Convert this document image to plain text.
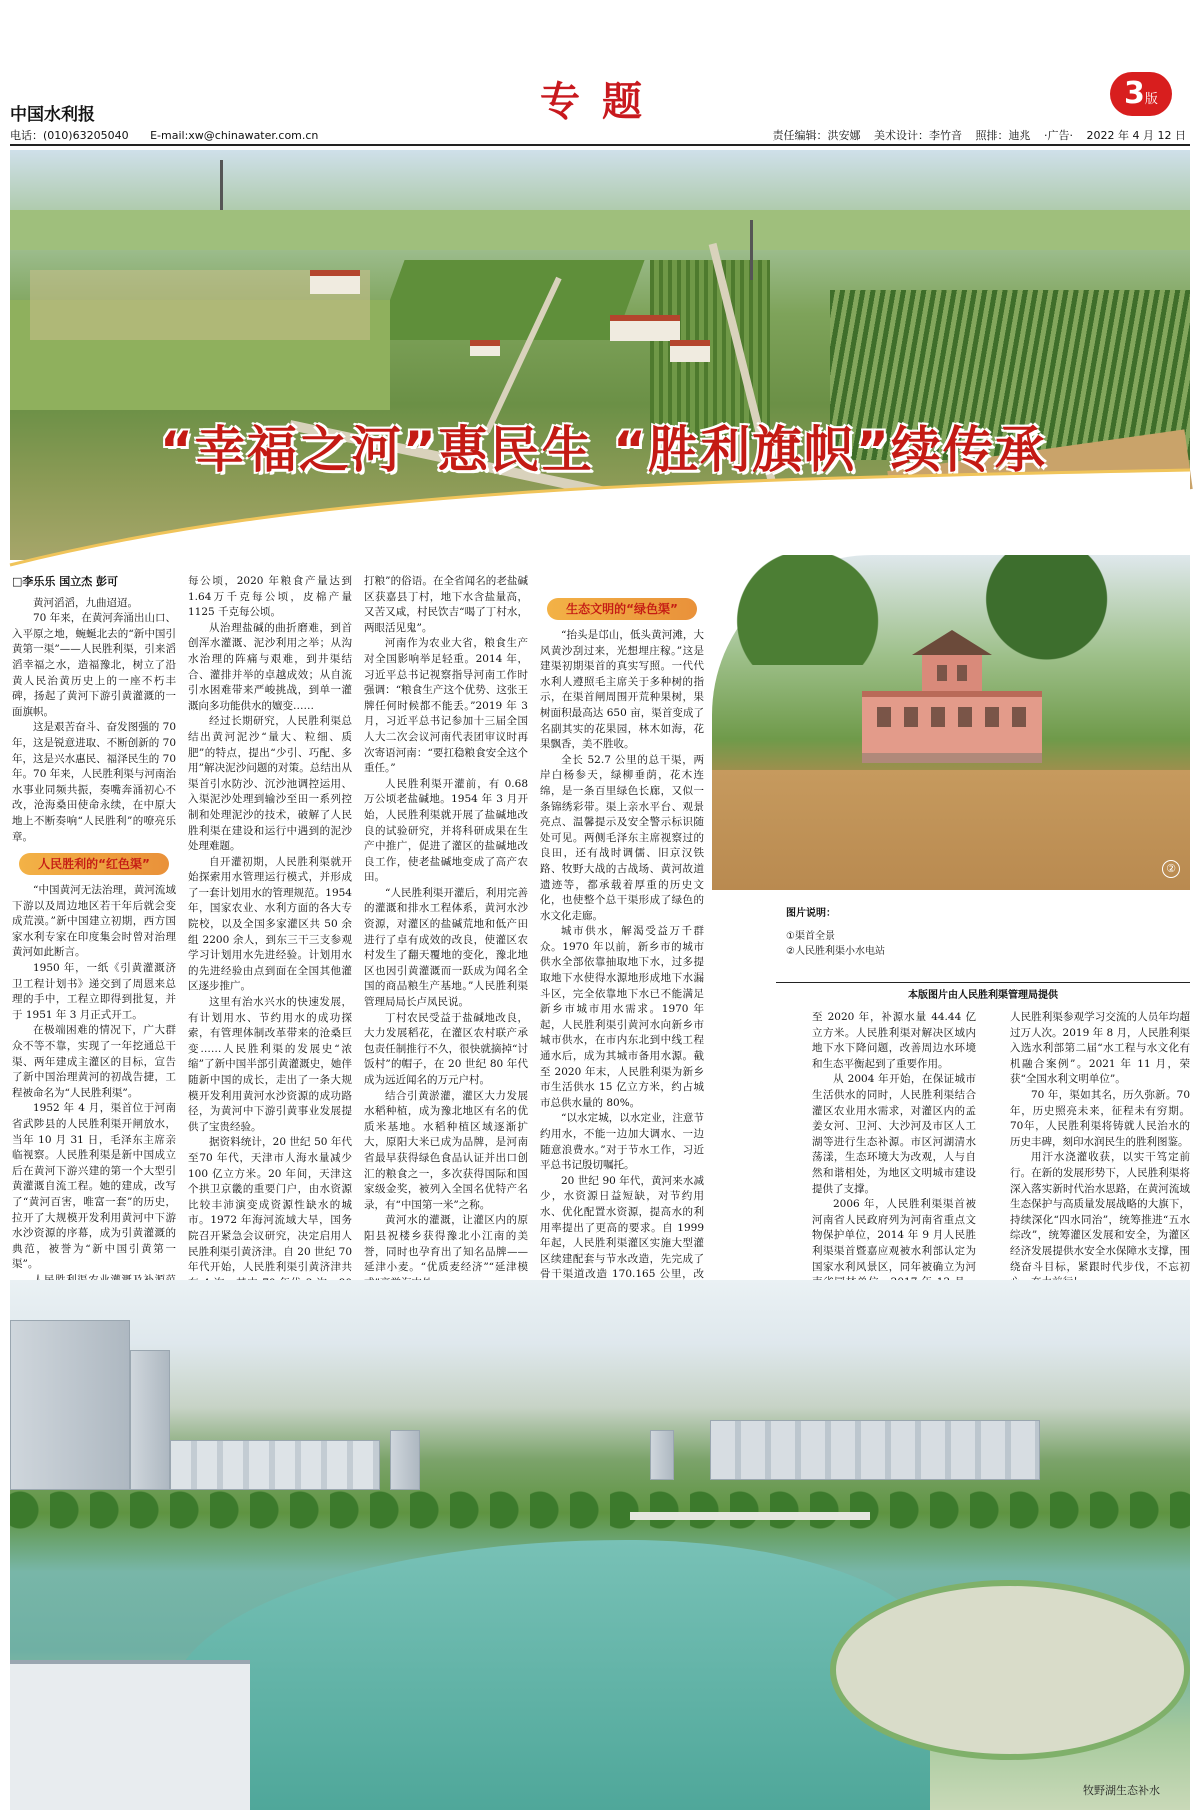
中国水利报	专题	3版
电话：(010)63205040 E-mail:xw@chinawater.com.cn	责任编辑：洪安娜 美术设计：李竹音 照排：迪兆 ·广告· 2022 年 4 月 12 日
“幸福之河”惠民生 “胜利旗帜”续传承

□李乐乐 国立杰 彭可

黄河滔滔，九曲迢迢。

70 年来，在黄河奔涌出山口、入平原之地，蜿蜒北去的“新中国引黄第一渠”——人民胜利渠，引来滔滔幸福之水，造福豫北，树立了沿黄人民治黄历史上的一座不朽丰碑，扬起了黄河下游引黄灌溉的一面旗帜。

这是艰苦奋斗、奋发图强的 70年，这是锐意进取、不断创新的 70年，这是兴水惠民、福泽民生的 70年。70 年来，人民胜利渠与河南治水事业同频共振，奏嘴奔涌初心不改，沧海桑田使命永续，在中原大地上不断奏响“人民胜利”的嘹亮乐章。

人民胜利的“红色渠”

“中国黄河无法治理，黄河流域下游以及周边地区若干年后就会变成荒漠。”新中国建立初期，西方国家水利专家在印度集会时曾对治理黄河如此断言。

1950 年，一纸《引黄灌溉济卫工程计划书》递交到了周恩来总理的手中，工程立即得到批复，并于 1951 年 3 月正式开工。

在极端困难的情况下，广大群众不等不靠，实现了一年挖通总干渠、两年建成主灌区的目标，宣告了新中国治理黄河的初战告捷，工程被命名为“人民胜利渠”。

1952 年 4 月，渠首位于河南省武陟县的人民胜利渠开闸放水，当年 10 月 31 日，毛泽东主席亲临视察。人民胜利渠是新中国成立后在黄河下游兴建的第一个大型引黄灌溉自流工程。她的建成，改写了“黄河百害，唯富一套”的历史，拉开了大规模开发利用黄河中下游水沙资源的序幕，成为引黄灌溉的典范，被誉为“新中国引黄第一渠”。

每公顷，2020 年粮食产量达到 1.64万千克每公顷，皮棉产量 1125 千克每公顷。

从治理盐碱的曲折磨难，到首创浑水灌溉、泥沙利用之举；从沟水治理的阵痛与艰难，到井渠结合、灌排并举的卓越成效；从自流引水困难带来严峻挑战，到单一灌溉向多功能供水的嬗变……

经过长期研究，人民胜利渠总结出黄河泥沙“量大、粒细、质肥”的特点，提出“少引、巧配、多用”解决泥沙问题的对策。总结出从渠首引水防沙、沉沙池调控运用、入渠泥沙处理到输沙至田一系列控制和处理泥沙的技术，破解了人民胜利渠在建设和运行中遇到的泥沙处理难题。

自开灌初期，人民胜利渠就开始探索用水管理运行模式，并形成了一套计划用水的管理规范。1954 年，国家农业、水利方面的各大专院校，以及全国多家灌区共 50 余组 2200 余人，到东三干三支参观学习计划用水先进经验。计划用水的先进经验由点到面在全国其他灌区逐步推广。

这里有治水兴水的快速发展，有计划用水、节约用水的成功探索，有管理体制改革带来的沧桑巨变……人民胜利渠的发展史“浓缩”了新中国半部引黄灌溉史，她伴随新中国的成长，走出了一条大规模开发利用黄河水沙资源的成功路径，为黄河中下游引黄事业发展提供了宝贵经验。

据资料统计，20 世纪 50 年代至70 年代，天津市人海水量减少 100 亿立方米。20 年间，天津这个拱卫京畿的重要门户，由水资源比较丰沛演变成资源性缺水的城市。1972 年海河流域大旱，国务院召开紧急会议研究，决定启用人民胜利渠引黄济津。自 20 世纪 70 年代开始，人民胜利渠引黄济津共

打粮”的俗语。在全省闻名的老盐碱区获嘉县丁村，地下水含盐量高，又苦又咸，村民饮吉“喝了丁村水，两眼活见鬼”。

河南作为农业大省，粮食生产对全国影响举足轻重。2014 年，习近平总书记视察指导河南工作时强调：“粮食生产这个优势、这张王牌任何时候都不能丢。”2019 年 3 月，习近平总书记参加十三届全国人大二次会议河南代表团审议时再次寄语河南：“要扛稳粮食安全这个重任。”

人民胜利渠开灌前，有 0.68 万公顷老盐碱地。1954 年 3 月开始，人民胜利渠就开展了盐碱地改良的试验研究，并将科研成果在生产中推广，促进了灌区的盐碱地改良工作，使老盐碱地变成了高产农田。

“人民胜利渠开灌后，利用完善的灌溉和排水工程体系，黄河水沙资源，对灌区的盐碱荒地和低产田进行了卓有成效的改良，使灌区农村发生了翻天覆地的变化，豫北地区也因引黄灌溉而一跃成为闻名全国的商品粮生产基地。”人民胜利渠管理局局长卢凤民说。

丁村农民受益于盐碱地改良，大力发展稻花，在灌区农村联产承包责任制推行不久，很快就摘掉“讨饭村”的帽子，在 20 世纪 80 年代成为远近闻名的万元户村。

结合引黄淤灌，灌区大力发展水稻种植，成为豫北地区有名的优质米基地。水稻种植区域逐渐扩大，原阳大米已成为品牌，是河南省最早获得绿色食品认证并出口创汇的粮食之一，多次获得国际和国家级金奖，被列入全国名优特产名录，有“中国第一米”之称。

黄河水的灌溉，让灌区内的原阳县祝楼乡获得豫北小江南的美誉，同时也孕育出了知名品牌——延津小麦。“优质麦经济”“延津模

生态文明的“绿色渠”

“抬头是邙山，低头黄河滩，大风黄沙刮过来，光想埋庄稼。”这是建渠初期渠首的真实写照。一代代水利人遵照毛主席关于多种树的指示，在渠首闸周围开荒种果树，果树面积最高达 650 亩，渠首变成了名副其实的花果园，林木如海，花果飘香，美不胜收。

全长 52.7 公里的总干渠，两岸白杨参天，绿柳垂荫，花木连绵，是一条百里绿色长廊，又似一条锦绣彩带。渠上亲水平台、观景亮点、温馨提示及安全警示标识随处可见。两侧毛泽东主席视察过的良田，还有战时调儒、旧京汉铁路、牧野大战的古战场、黄河故道遗迹等，都承载着厚重的历史文化，也使整个总干渠形成了绿色的水文化走廊。

城市供水，解渴受益万千群众。1970 年以前，新乡市的城市供水全部依靠抽取地下水，过多提取地下水使得水源地形成地下水漏斗区，完全依靠地下水已不能满足新乡市城市用水需求。1970 年起，人民胜利渠引黄河水向新乡市城市供水，在市内东北到中线工程通水后，成为其城市备用水源。截至 2020 年末，人民胜利渠为新乡市生活供水 15 亿立方米，约占城市总供水量的 80%。

“以水定城，以水定业，注意节约用水，不能一边加大调水、一边随意浪费水。”对于节水工作，习近平总书记殷切嘱托。

20 世纪 90 年代，黄河来水减少，水资源日益短缺，对节约用水、优化配置水资源，提高水的利用率提出了更高的要求。自 1999 年起，人民胜利渠灌区实施大型灌区续建配套与节水改造，先完成了骨干渠道改造 170.165 公里，改

至 2020 年，补源水量 44.44 亿立方米。人民胜利渠对解决区域内地下水下降问题，改善周边水环境和生态平衡起到了重要作用。

从 2004 年开始，在保证城市生活供水的同时，人民胜利渠结合灌区农业用水需求，对灌区内的孟姜女河、卫河、大沙河及市区人工湖等进行生态补源。市区河湖清水荡漾，生态环境大为改观，人与自然和谐相处，为地区文明城市建设提供了支撑。

2006 年，人民胜利渠渠首被河南省人民政府列为河南省重点文物保护单位，2014 年 9 月人民胜利渠渠首暨嘉应观被水利部认定为国家水利风景区，同年被确立为河

人民胜利渠参观学习交流的人员年均超过万人次。2019 年 8 月，人民胜利渠入选水利部第二届“水工程与水文化有机融合案例”。2021 年 11 月，荣获“全国水利文明单位”。

70 年，渠如其名，历久弥新。70年，历史照亮未来，征程未有穷期。70年，人民胜利渠将铸就人民治水的历史丰碑，刻印水润民生的胜利图鉴。

用汗水浇灌收获，以实干笃定前行。在新的发展形势下，人民胜利渠将深入落实新时代治水思路，在黄河流域生态保护与高质量发展战略的大旗下，持续深化“四水同治”，统筹推进“五水综改”，统筹灌区发展和安全，为灌区经济发展提供水安全水保障水支撑，围绕奋斗目标，紧跟时代步伐，不忘初

②
图片说明：
①渠首全景
②人民胜利渠小水电站
本版图片由人民胜利渠管理局提供
牧野湖生态补水
